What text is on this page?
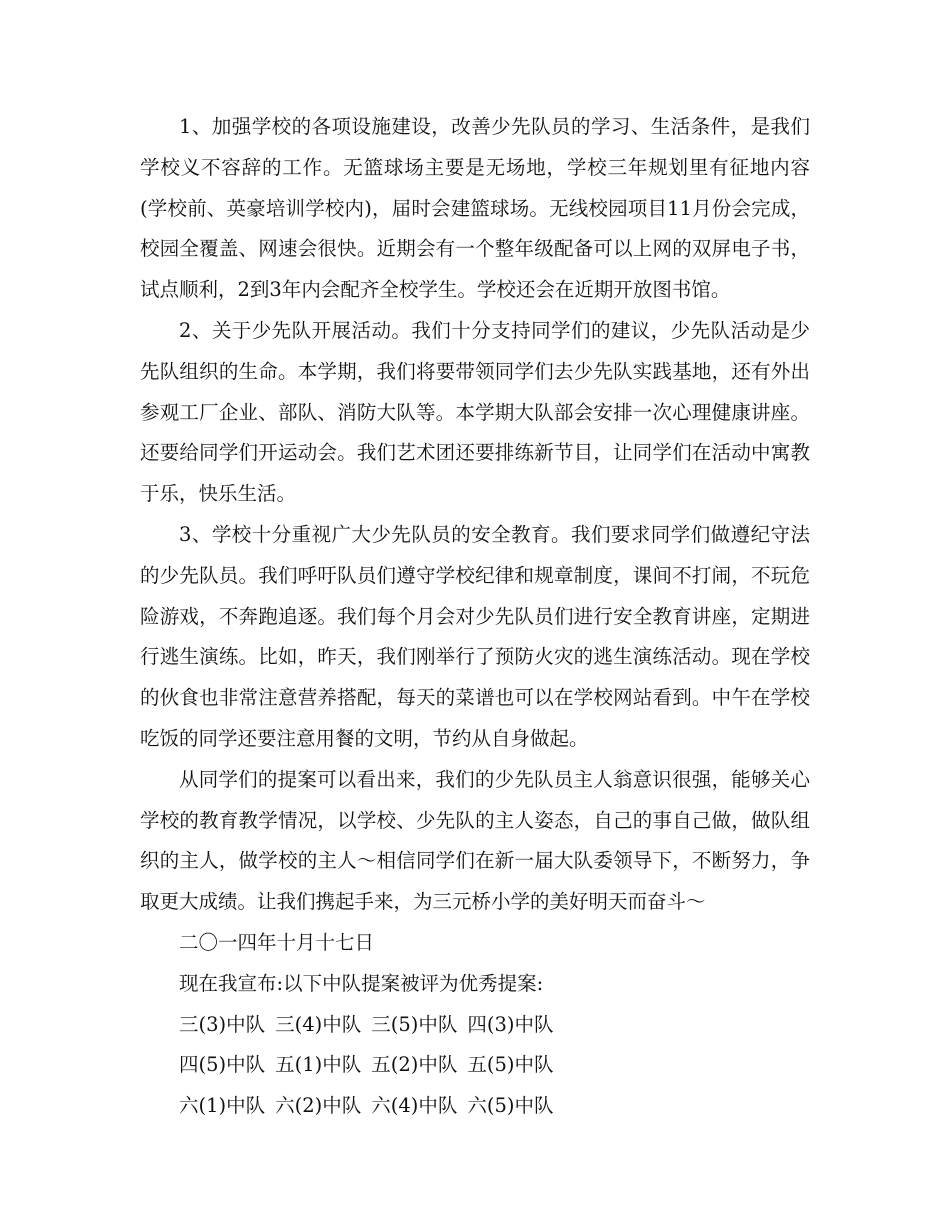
1、加强学校的各项设施建设，改善少先队员的学习、生活条件，是我们学校义不容辞的工作。无篮球场主要是无场地，学校三年规划里有征地内容(学校前、英豪培训学校内)，届时会建篮球场。无线校园项目11月份会完成，校园全覆盖、网速会很快。近期会有一个整年级配备可以上网的双屏电子书，试点顺利，2到3年内会配齐全校学生。学校还会在近期开放图书馆。

2、关于少先队开展活动。我们十分支持同学们的建议，少先队活动是少先队组织的生命。本学期，我们将要带领同学们去少先队实践基地，还有外出参观工厂企业、部队、消防大队等。本学期大队部会安排一次心理健康讲座。还要给同学们开运动会。我们艺术团还要排练新节目，让同学们在活动中寓教于乐，快乐生活。

3、学校十分重视广大少先队员的安全教育。我们要求同学们做遵纪守法的少先队员。我们呼吁队员们遵守学校纪律和规章制度，课间不打闹，不玩危险游戏，不奔跑追逐。我们每个月会对少先队员们进行安全教育讲座，定期进行逃生演练。比如，昨天，我们刚举行了预防火灾的逃生演练活动。现在学校的伙食也非常注意营养搭配，每天的菜谱也可以在学校网站看到。中午在学校吃饭的同学还要注意用餐的文明，节约从自身做起。

从同学们的提案可以看出来，我们的少先队员主人翁意识很强，能够关心学校的教育教学情况，以学校、少先队的主人姿态，自己的事自己做，做队组织的主人，做学校的主人～相信同学们在新一届大队委领导下，不断努力，争取更大成绩。让我们携起手来，为三元桥小学的美好明天而奋斗～

二〇一四年十月十七日

现在我宣布:以下中队提案被评为优秀提案:

三(3)中队 三(4)中队 三(5)中队 四(3)中队
四(5)中队 五(1)中队 五(2)中队 五(5)中队
六(1)中队 六(2)中队 六(4)中队 六(5)中队
